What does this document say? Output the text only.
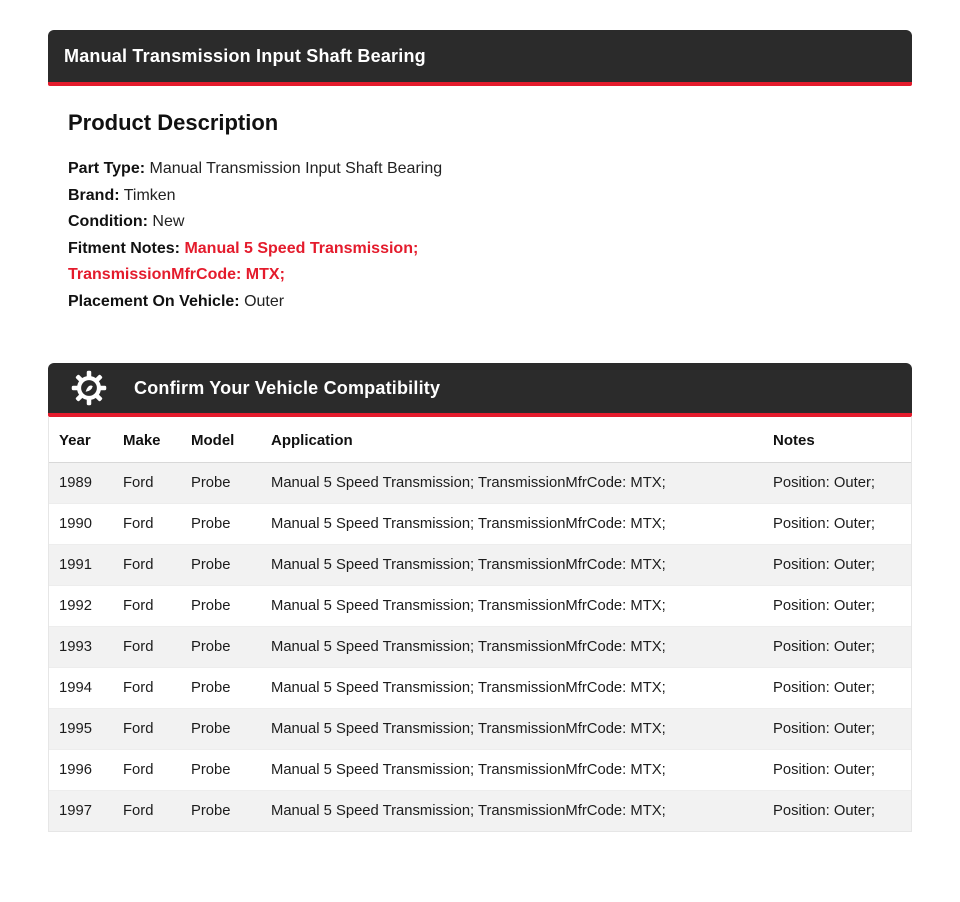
Manual Transmission Input Shaft Bearing
Product Description
Part Type: Manual Transmission Input Shaft Bearing
Brand: Timken
Condition: New
Fitment Notes: Manual 5 Speed Transmission; TransmissionMfrCode: MTX;
Placement On Vehicle: Outer
Confirm Your Vehicle Compatibility
Year	Make	Model	Application	Notes
1989	Ford	Probe	Manual 5 Speed Transmission; TransmissionMfrCode: MTX;	Position: Outer;
1990	Ford	Probe	Manual 5 Speed Transmission; TransmissionMfrCode: MTX;	Position: Outer;
1991	Ford	Probe	Manual 5 Speed Transmission; TransmissionMfrCode: MTX;	Position: Outer;
1992	Ford	Probe	Manual 5 Speed Transmission; TransmissionMfrCode: MTX;	Position: Outer;
1993	Ford	Probe	Manual 5 Speed Transmission; TransmissionMfrCode: MTX;	Position: Outer;
1994	Ford	Probe	Manual 5 Speed Transmission; TransmissionMfrCode: MTX;	Position: Outer;
1995	Ford	Probe	Manual 5 Speed Transmission; TransmissionMfrCode: MTX;	Position: Outer;
1996	Ford	Probe	Manual 5 Speed Transmission; TransmissionMfrCode: MTX;	Position: Outer;
1997	Ford	Probe	Manual 5 Speed Transmission; TransmissionMfrCode: MTX;	Position: Outer;
